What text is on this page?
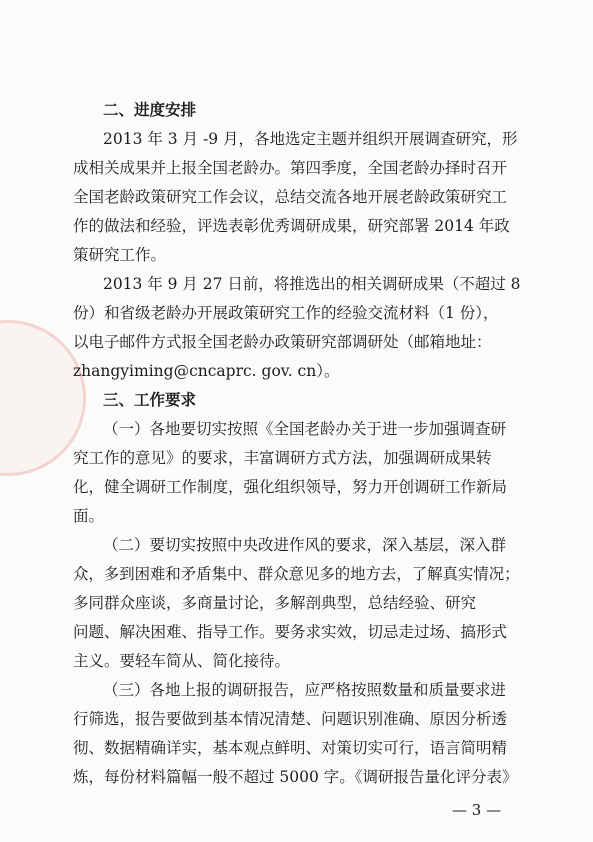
二、进度安排
2013 年 3 月 -9 月，各地选定主题并组织开展调查研究，形
成相关成果并上报全国老龄办。第四季度，全国老龄办择时召开
全国老龄政策研究工作会议，总结交流各地开展老龄政策研究工
作的做法和经验，评选表彰优秀调研成果，研究部署 2014 年政
策研究工作。
2013 年 9 月 27 日前，将推选出的相关调研成果（不超过 8
份）和省级老龄办开展政策研究工作的经验交流材料（1 份），
以电子邮件方式报全国老龄办政策研究部调研处（邮箱地址：
zhangyiming@cncaprc. gov. cn）。
三、工作要求
（一）各地要切实按照《全国老龄办关于进一步加强调查研
究工作的意见》的要求，丰富调研方式方法，加强调研成果转
化，健全调研工作制度，强化组织领导，努力开创调研工作新局
面。
（二）要切实按照中央改进作风的要求，深入基层，深入群
众，多到困难和矛盾集中、群众意见多的地方去，了解真实情况；
多同群众座谈，多商量讨论，多解剖典型，总结经验、研究
问题、解决困难、指导工作。要务求实效，切忌走过场、搞形式
主义。要轻车简从、简化接待。
（三）各地上报的调研报告，应严格按照数量和质量要求进
行筛选，报告要做到基本情况清楚、问题识别准确、原因分析透
彻、数据精确详实，基本观点鲜明、对策切实可行，语言简明精
炼，每份材料篇幅一般不超过 5000 字。《调研报告量化评分表》
— 3 —
